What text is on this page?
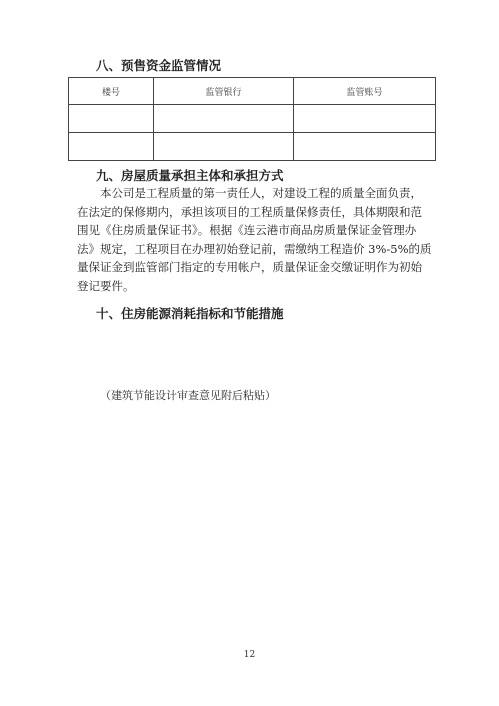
八、预售资金监管情况
楼号	监管银行	监管账号

九、房屋质量承担主体和承担方式
本公司是工程质量的第一责任人，对建设工程的质量全面负责，
在法定的保修期内，承担该项目的工程质量保修责任，具体期限和范
围见《住房质量保证书》。根据《连云港市商品房质量保证金管理办
法》规定，工程项目在办理初始登记前，需缴纳工程造价 3%-5%的质
量保证金到监管部门指定的专用帐户，质量保证金交缴证明作为初始
登记要件。
十、住房能源消耗指标和节能措施
（建筑节能设计审查意见附后粘贴）
12
